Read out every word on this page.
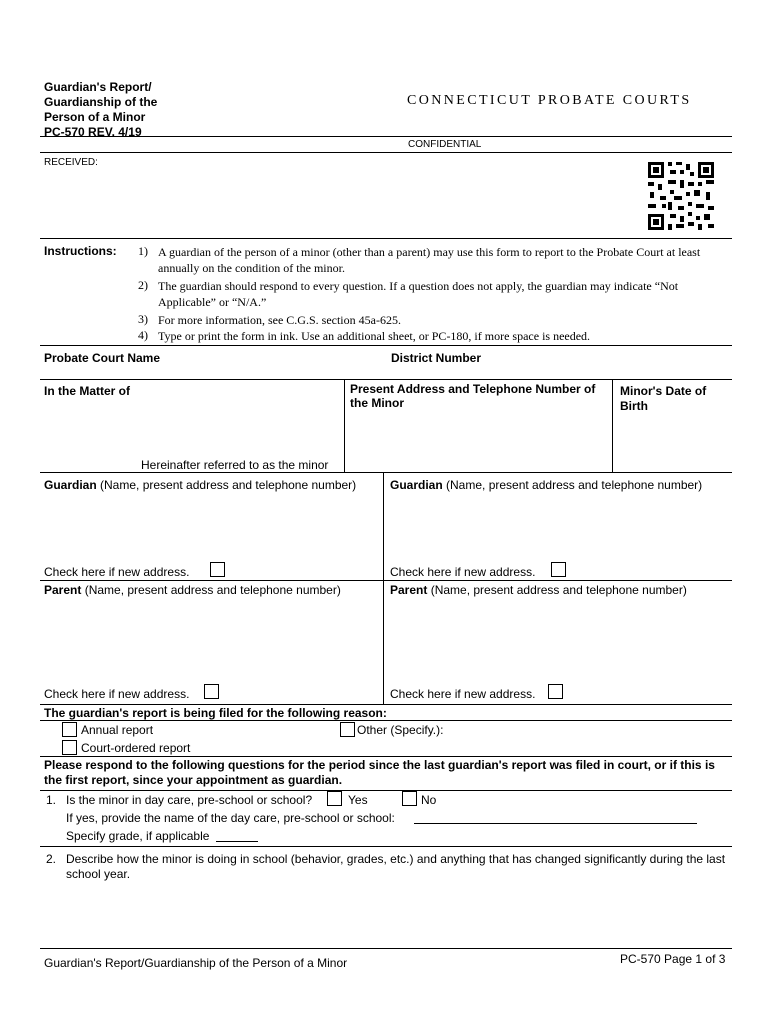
Guardian's Report/
Guardianship of the
Person of a Minor
PC-570 REV. 4/19
CONNECTICUT PROBATE COURTS
CONFIDENTIAL
RECEIVED:
Instructions:	1) A guardian of the person of a minor (other than a parent) may use this form to report to the Probate Court at least annually on the condition of the minor.
2) The guardian should respond to every question. If a question does not apply, the guardian may indicate “Not Applicable” or “N/A.”
3) For more information, see C.G.S. section 45a-625.
4) Type or print the form in ink. Use an additional sheet, or PC-180, if more space is needed.
Probate Court Name	District Number
In the Matter of	Present Address and Telephone Number of the Minor
Minor's Date of Birth
Hereinafter referred to as the minor
Guardian (Name, present address and telephone number)	Guardian (Name, present address and telephone number)
Check here if new address.	Check here if new address.
Parent (Name, present address and telephone number)	Parent (Name, present address and telephone number)
Check here if new address.	Check here if new address.
The guardian's report is being filed for the following reason:
Annual report	Other (Specify.):
Court-ordered report
Please respond to the following questions for the period since the last guardian's report was filed in court, or if this is the first report, since your appointment as guardian.
1. Is the minor in day care, pre-school or school?	Yes	No
If yes, provide the name of the day care, pre-school or school:
Specify grade, if applicable
2. Describe how the minor is doing in school (behavior, grades, etc.) and anything that has changed significantly during the last school year.
Guardian's Report/Guardianship of the Person of a Minor	PC-570 Page 1 of 3
